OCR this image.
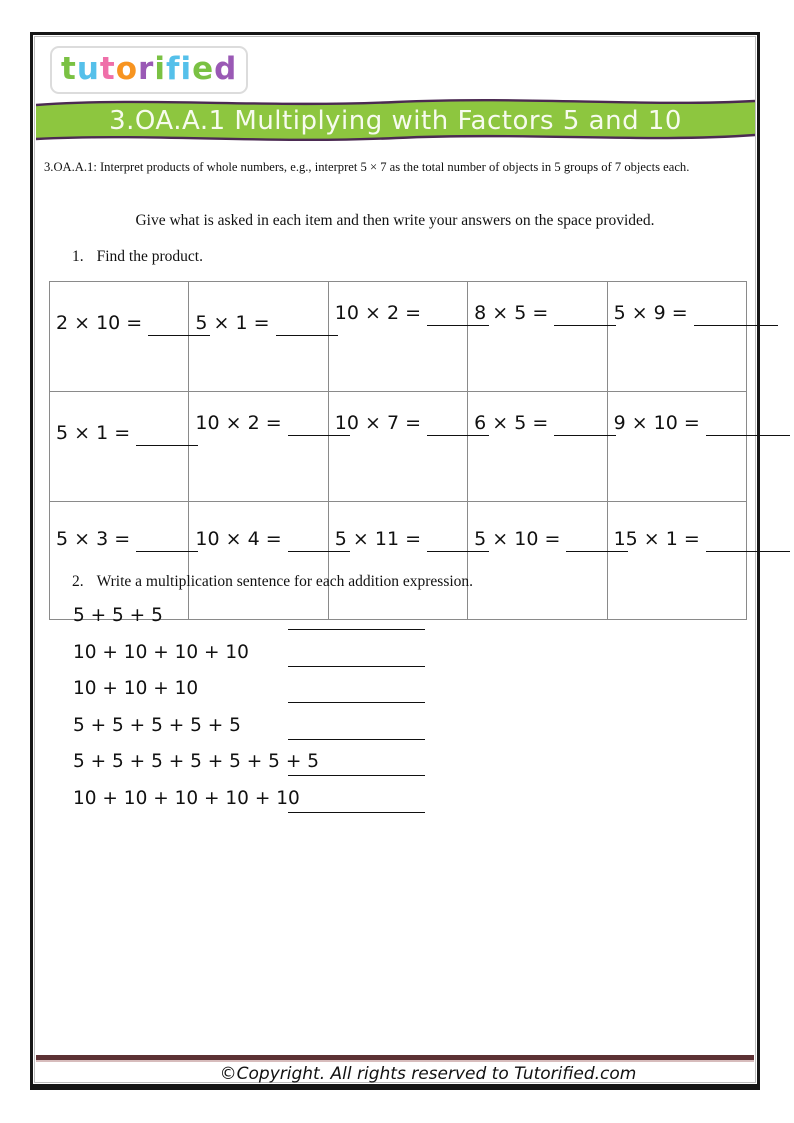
tutorified
3.OA.A.1 Multiplying with Factors 5 and 10
3.OA.A.1: Interpret products of whole numbers, e.g., interpret 5 × 7 as the total number of objects in 5 groups of 7 objects each.
Give what is asked in each item and then write your answers on the space provided.
1. Find the product.
2 × 10 =	5 × 1 =	10 × 2 =	8 × 5 =	5 × 9 =
5 × 1 =	10 × 2 =	10 × 7 =	6 × 5 =	9 × 10 =
5 × 3 =	10 × 4 =	5 × 11 =	5 × 10 =	15 × 1 =
2. Write a multiplication sentence for each addition expression.
5 + 5 + 5
10 + 10 + 10 + 10
10 + 10 + 10
5 + 5 + 5 + 5 + 5
5 + 5 + 5 + 5 + 5 + 5 + 5
10 + 10 + 10 + 10 + 10
©Copyright. All rights reserved to Tutorified.com
